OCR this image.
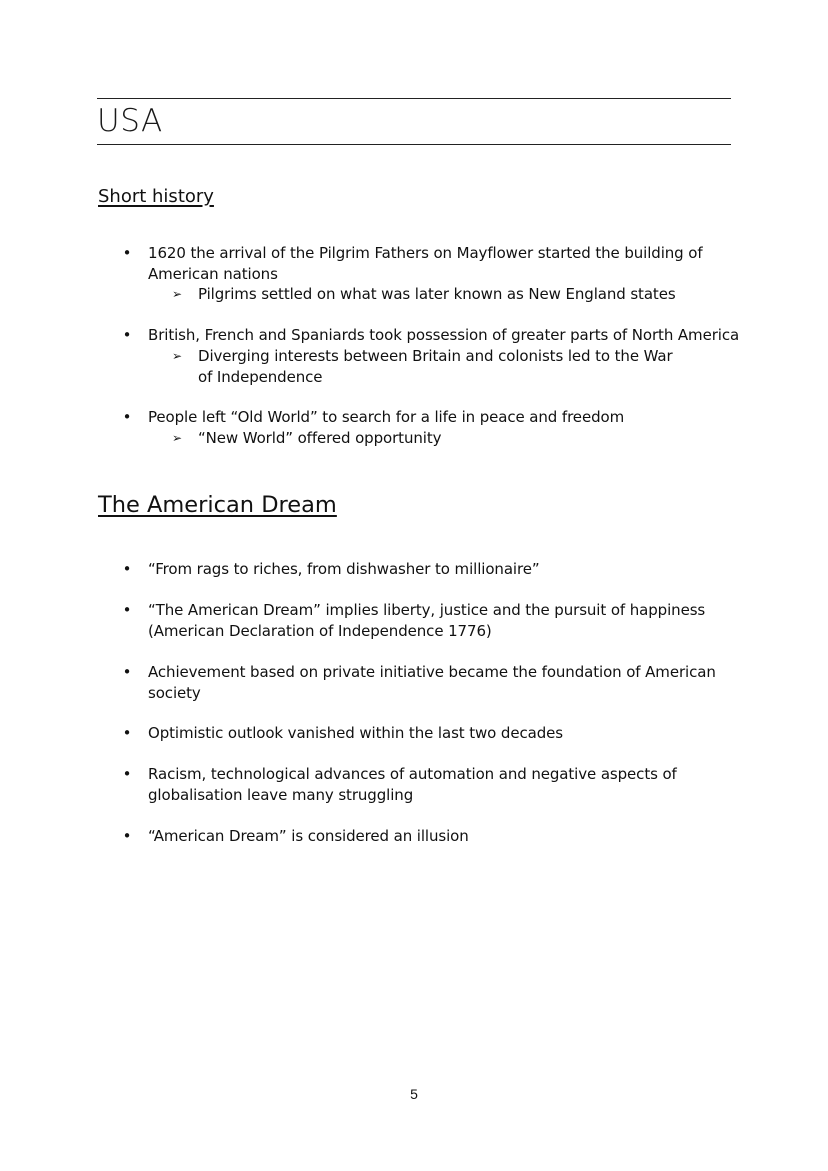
USA
Short history
• 1620 the arrival of the Pilgrim Fathers on Mayflower started the building of American nations
➢ Pilgrims settled on what was later known as New England states
• British, French and Spaniards took possession of greater parts of North America
➢ Diverging interests between Britain and colonists led to the War of Independence
• People left “Old World” to search for a life in peace and freedom
➢ “New World” offered opportunity
The American Dream
• “From rags to riches, from dishwasher to millionaire”
• “The American Dream” implies liberty, justice and the pursuit of happiness (American Declaration of Independence 1776)
• Achievement based on private initiative became the foundation of American society
• Optimistic outlook vanished within the last two decades
• Racism, technological advances of automation and negative aspects of globalisation leave many struggling
• “American Dream” is considered an illusion
5
